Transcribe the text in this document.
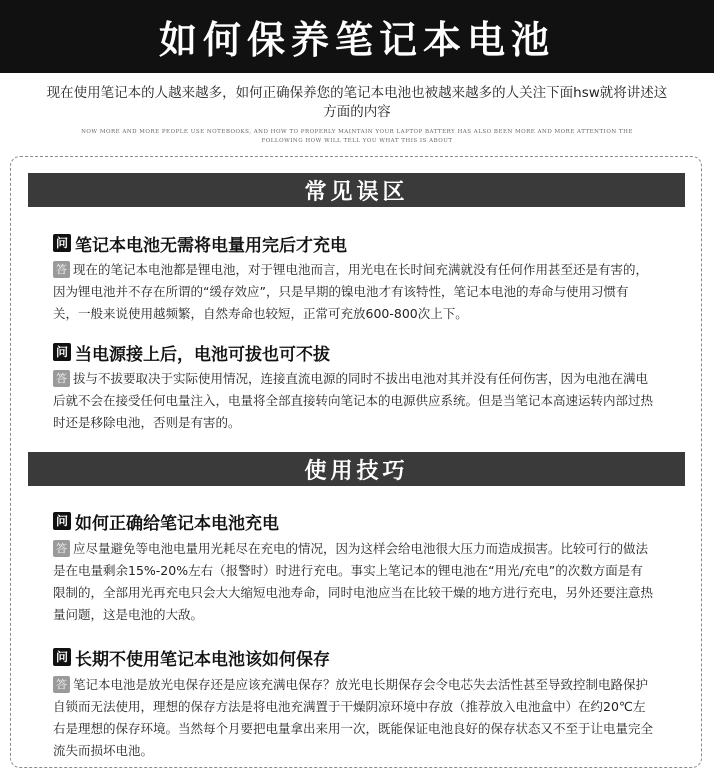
如何保养笔记本电池
现在使用笔记本的人越来越多，如何正确保养您的笔记本电池也被越来越多的人关注下面hsw就将讲述这方面的内容
NOW MORE AND MORE PEOPLE USE NOTEBOOKS, AND HOW TO PROPERLY MAINTAIN YOUR LAPTOP BATTERY HAS ALSO BEEN MORE AND MORE ATTENTION THE FOLLOWING HOW WILL TELL YOU WHAT THIS IS ABOUT
常见误区
问 笔记本电池无需将电量用完后才充电
答 现在的笔记本电池都是锂电池，对于锂电池而言，用光电在长时间充满就没有任何作用甚至还是有害的，因为锂电池并不存在所谓的“缓存效应”，只是早期的镍电池才有该特性，笔记本电池的寿命与使用习惯有关，一般来说使用越频繁，自然寿命也较短，正常可充放600-800次上下。
问 当电源接上后，电池可拔也可不拔
答 拔与不拔要取决于实际使用情况，连接直流电源的同时不拔出电池对其并没有任何伤害，因为电池在满电后就不会在接受任何电量注入，电量将全部直接转向笔记本的电源供应系统。但是当笔记本高速运转内部过热时还是移除电池，否则是有害的。
使用技巧
问 如何正确给笔记本电池充电
答 应尽量避免等电池电量用光耗尽在充电的情况，因为这样会给电池很大压力而造成损害。比较可行的做法是在电量剩余15%-20%左右（报警时）时进行充电。事实上笔记本的锂电池在“用光/充电”的次数方面是有限制的，全部用光再充电只会大大缩短电池寿命，同时电池应当在比较干燥的地方进行充电，另外还要注意热量问题，这是电池的大敌。
问 长期不使用笔记本电池该如何保存
答 笔记本电池是放光电保存还是应该充满电保存？放光电长期保存会令电芯失去活性甚至导致控制电路保护自锁而无法使用，理想的保存方法是将电池充满置于干燥阴凉环境中存放（推荐放入电池盒中）在约20℃左右是理想的保存环境。当然每个月要把电量拿出来用一次，既能保证电池良好的保存状态又不至于让电量完全流失而损坏电池。
